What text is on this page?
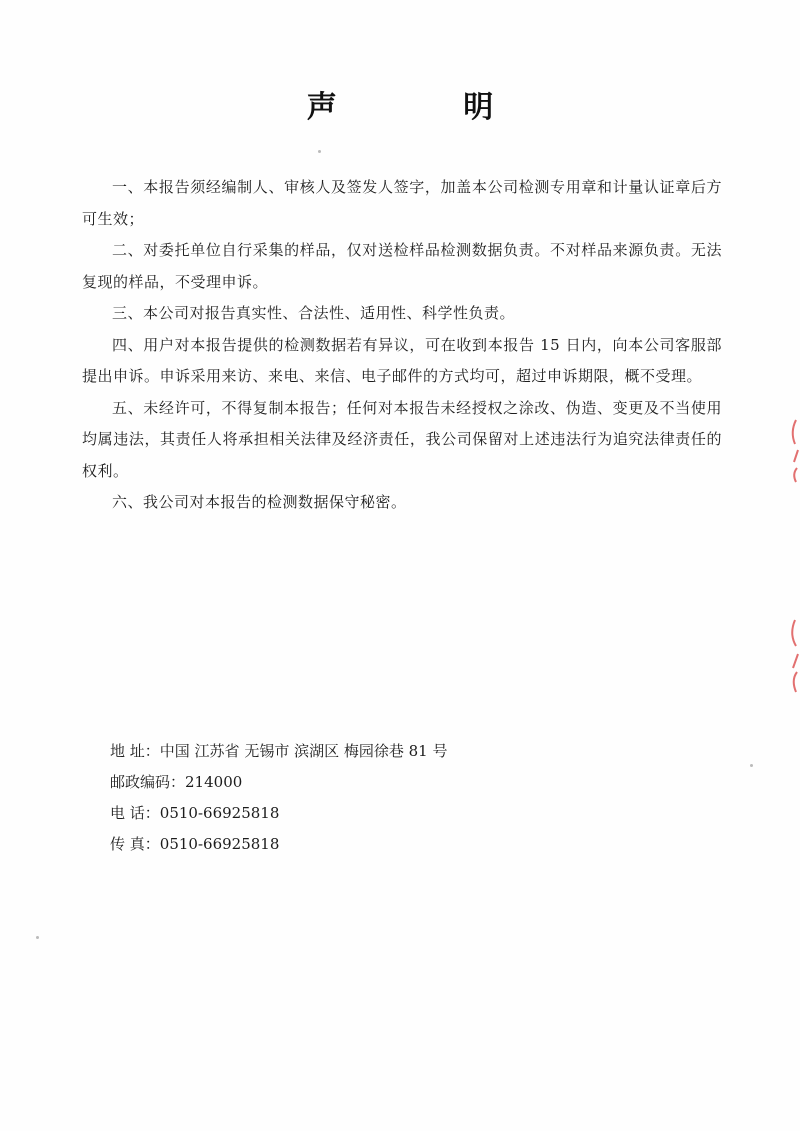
声 明

一、本报告须经编制人、审核人及签发人签字，加盖本公司检测专用章和计量认证章后方可生效；

二、对委托单位自行采集的样品，仅对送检样品检测数据负责。不对样品来源负责。无法复现的样品，不受理申诉。

三、本公司对报告真实性、合法性、适用性、科学性负责。

四、用户对本报告提供的检测数据若有异议，可在收到本报告 15 日内，向本公司客服部提出申诉。申诉采用来访、来电、来信、电子邮件的方式均可，超过申诉期限，概不受理。

五、未经许可，不得复制本报告；任何对本报告未经授权之涂改、伪造、变更及不当使用均属违法，其责任人将承担相关法律及经济责任，我公司保留对上述违法行为追究法律责任的权利。

六、我公司对本报告的检测数据保守秘密。

地 址：中国 江苏省 无锡市 滨湖区 梅园徐巷 81 号
邮政编码：214000
电 话：0510-66925818
传 真：0510-66925818
